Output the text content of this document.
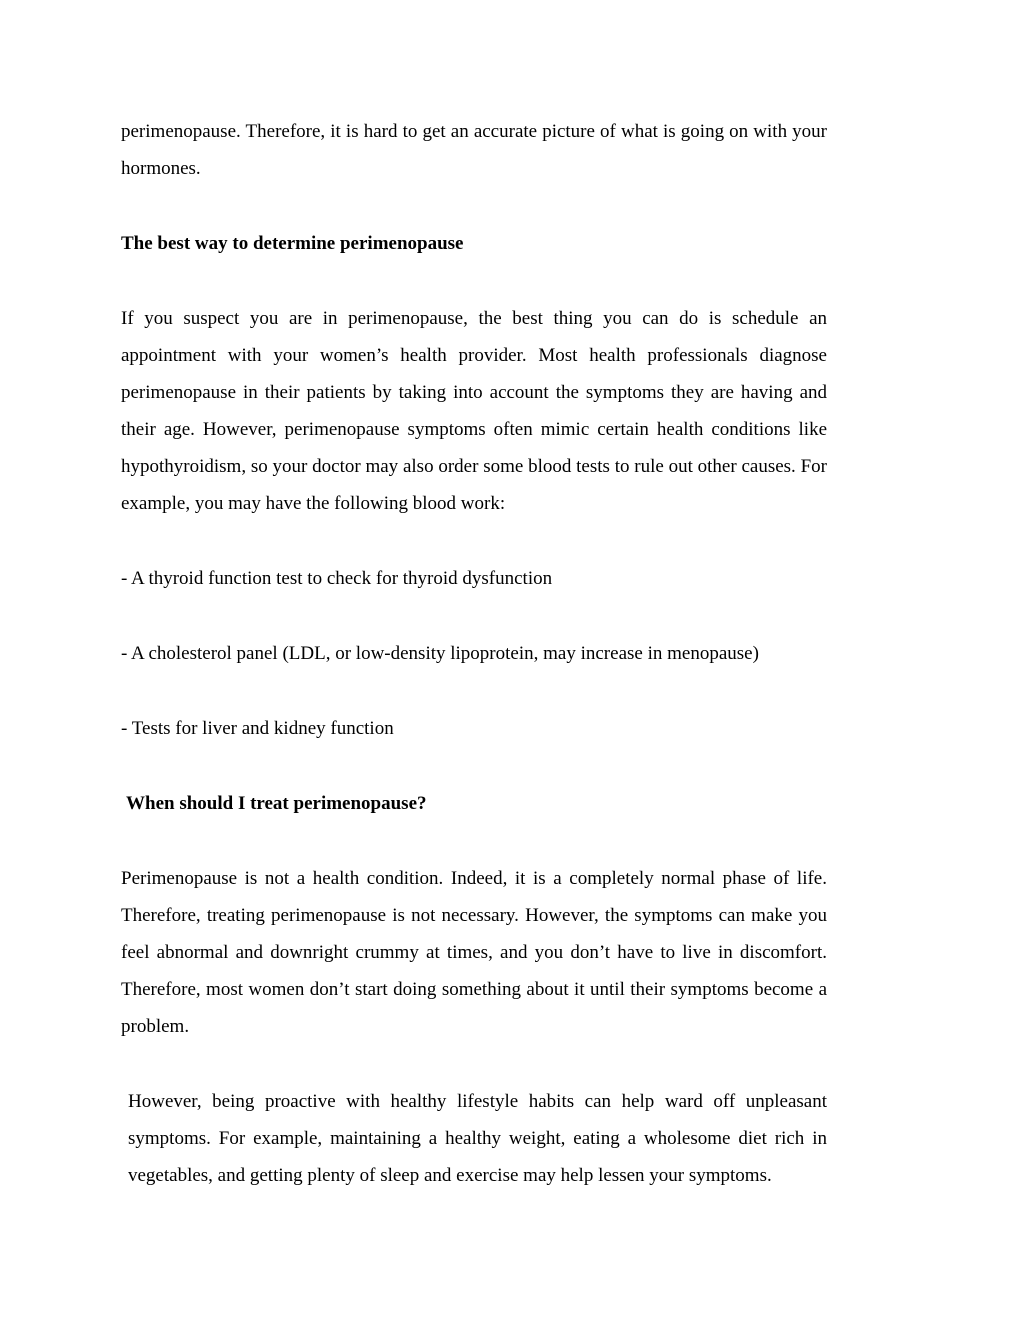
perimenopause. Therefore, it is hard to get an accurate picture of what is going on with your hormones.

The best way to determine perimenopause

If you suspect you are in perimenopause, the best thing you can do is schedule an appointment with your women’s health provider. Most health professionals diagnose perimenopause in their patients by taking into account the symptoms they are having and their age. However, perimenopause symptoms often mimic certain health conditions like hypothyroidism, so your doctor may also order some blood tests to rule out other causes. For example, you may have the following blood work:

- A thyroid function test to check for thyroid dysfunction

- A cholesterol panel (LDL, or low-density lipoprotein, may increase in menopause)

- Tests for liver and kidney function

When should I treat perimenopause?

Perimenopause is not a health condition. Indeed, it is a completely normal phase of life. Therefore, treating perimenopause is not necessary. However, the symptoms can make you feel abnormal and downright crummy at times, and you don’t have to live in discomfort. Therefore, most women don’t start doing something about it until their symptoms become a problem.

However, being proactive with healthy lifestyle habits can help ward off unpleasant symptoms. For example, maintaining a healthy weight, eating a wholesome diet rich in vegetables, and getting plenty of sleep and exercise may help lessen your symptoms.
